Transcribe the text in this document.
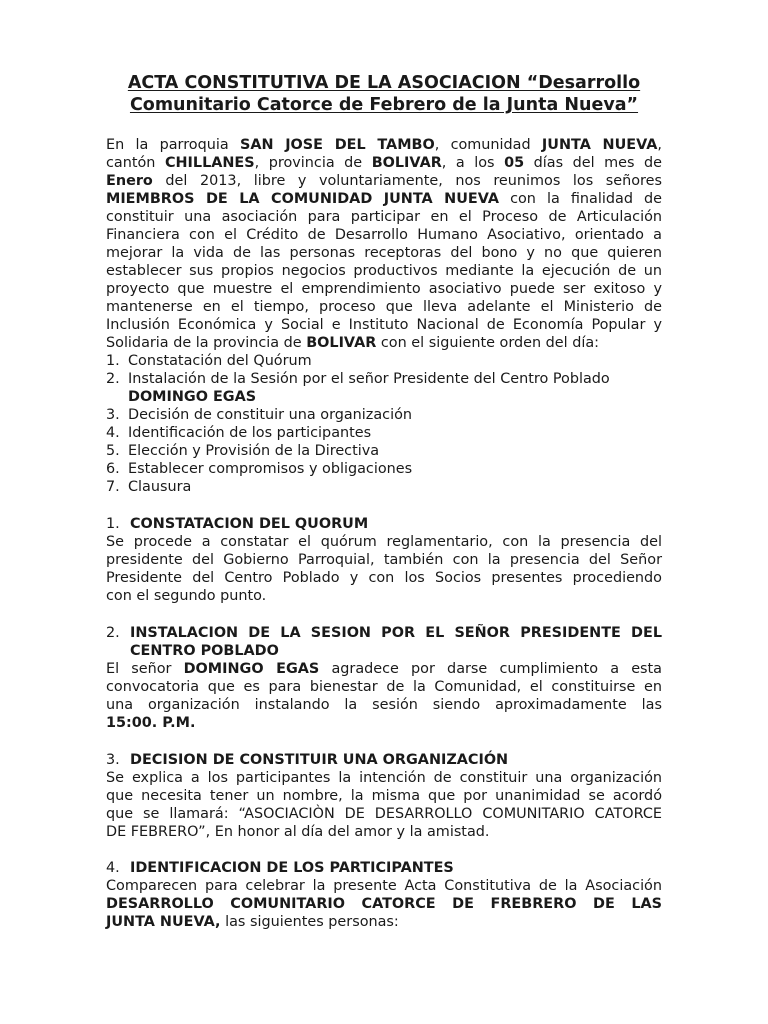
ACTA CONSTITUTIVA DE LA ASOCIACION “Desarrollo
Comunitario Catorce de Febrero de la Junta Nueva”
En la parroquia SAN JOSE DEL TAMBO, comunidad JUNTA NUEVA,
cantón CHILLANES, provincia de BOLIVAR, a los 05 días del mes de
Enero del 2013, libre y voluntariamente, nos reunimos los señores
MIEMBROS DE LA COMUNIDAD JUNTA NUEVA con la finalidad de
constituir una asociación para participar en el Proceso de Articulación
Financiera con el Crédito de Desarrollo Humano Asociativo, orientado a
mejorar la vida de las personas receptoras del bono y no que quieren
establecer sus propios negocios productivos mediante la ejecución de un
proyecto que muestre el emprendimiento asociativo puede ser exitoso y
mantenerse en el tiempo, proceso que lleva adelante el Ministerio de
Inclusión Económica y Social e Instituto Nacional de Economía Popular y
Solidaria de la provincia de BOLIVAR con el siguiente orden del día:
1. Constatación del Quórum
2. Instalación de la Sesión por el señor Presidente del Centro Poblado
DOMINGO EGAS
3. Decisión de constituir una organización
4. Identificación de los participantes
5. Elección y Provisión de la Directiva
6. Establecer compromisos y obligaciones
7. Clausura
1. CONSTATACION DEL QUORUM
Se procede a constatar el quórum reglamentario, con la presencia del
presidente del Gobierno Parroquial, también con la presencia del Señor
Presidente del Centro Poblado y con los Socios presentes procediendo
con el segundo punto.
2. INSTALACION DE LA SESION POR EL SEÑOR PRESIDENTE DEL
CENTRO POBLADO
El señor DOMINGO EGAS agradece por darse cumplimiento a esta
convocatoria que es para bienestar de la Comunidad, el constituirse en
una organización instalando la sesión siendo aproximadamente las
15:00. P.M.
3. DECISION DE CONSTITUIR UNA ORGANIZACIÓN
Se explica a los participantes la intención de constituir una organización
que necesita tener un nombre, la misma que por unanimidad se acordó
que se llamará: “ASOCIACIÒN DE DESARROLLO COMUNITARIO CATORCE
DE FEBRERO”, En honor al día del amor y la amistad.
4. IDENTIFICACION DE LOS PARTICIPANTES
Comparecen para celebrar la presente Acta Constitutiva de la Asociación
DESARROLLO COMUNITARIO CATORCE DE FREBRERO DE LAS
JUNTA NUEVA, las siguientes personas:
